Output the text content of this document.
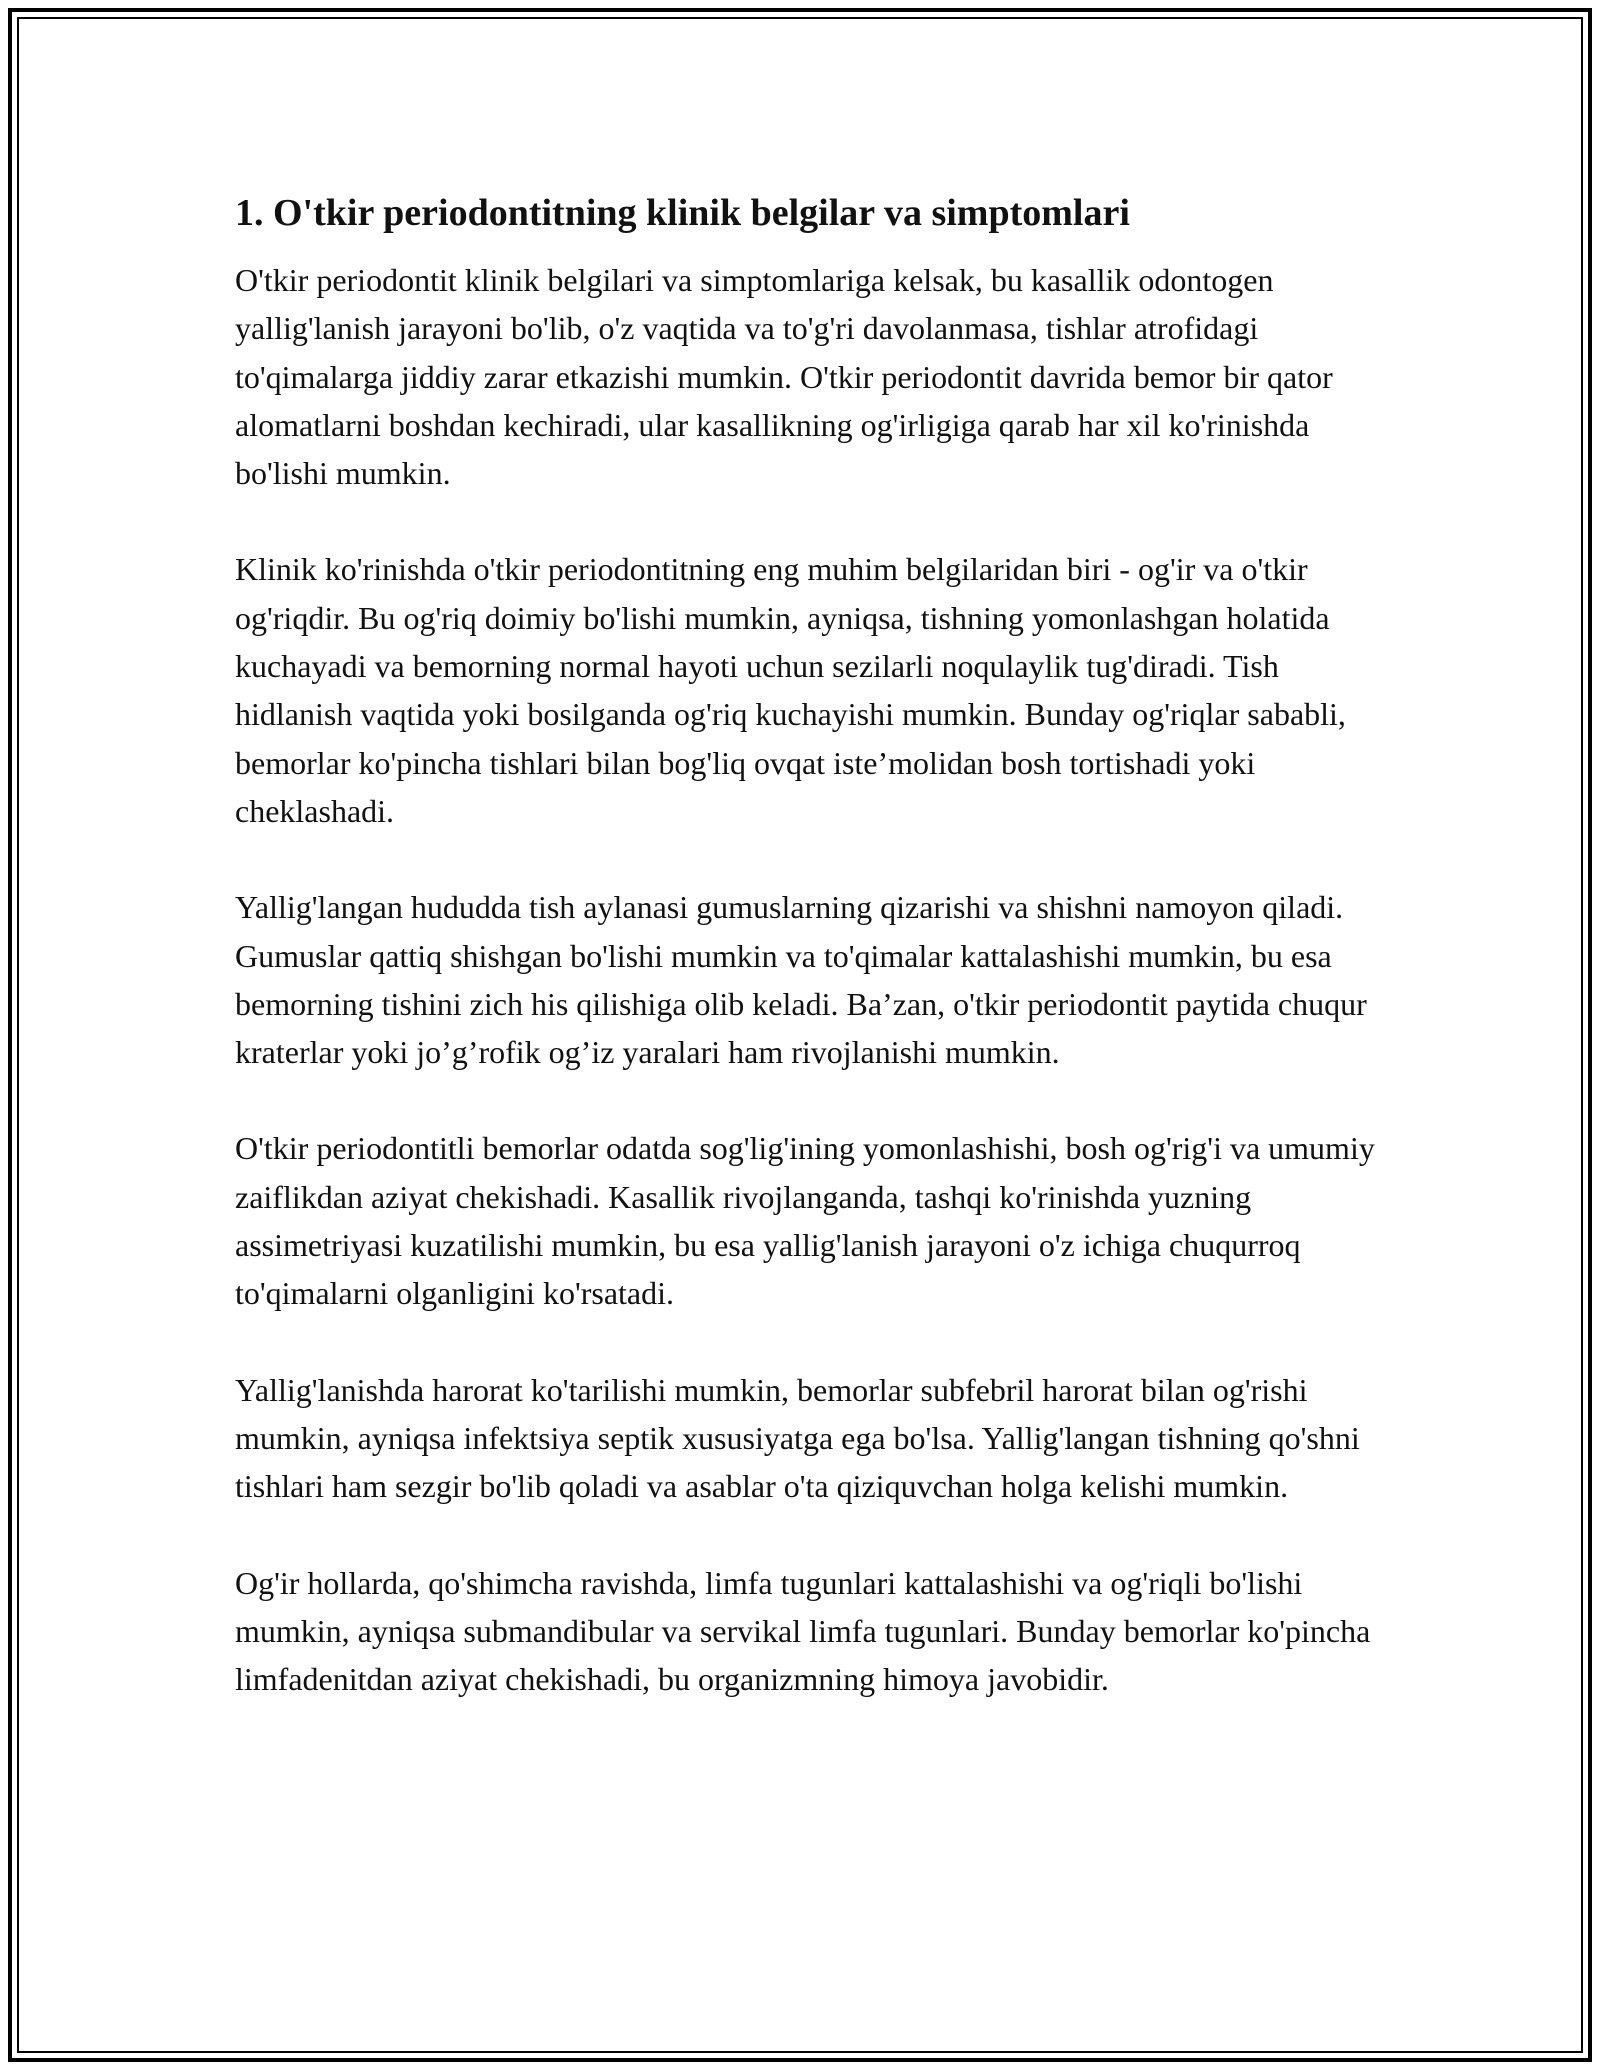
1. O'tkir periodontitning klinik belgilar va simptomlari

O'tkir periodontit klinik belgilari va simptomlariga kelsak, bu kasallik odontogen yallig'lanish jarayoni bo'lib, o'z vaqtida va to'g'ri davolanmasa, tishlar atrofidagi to'qimalarga jiddiy zarar etkazishi mumkin. O'tkir periodontit davrida bemor bir qator alomatlarni boshdan kechiradi, ular kasallikning og'irligiga qarab har xil ko'rinishda bo'lishi mumkin.

Klinik ko'rinishda o'tkir periodontitning eng muhim belgilaridan biri - og'ir va o'tkir og'riqdir. Bu og'riq doimiy bo'lishi mumkin, ayniqsa, tishning yomonlashgan holatida kuchayadi va bemorning normal hayoti uchun sezilarli noqulaylik tug'diradi. Tish hidlanish vaqtida yoki bosilganda og'riq kuchayishi mumkin. Bunday og'riqlar sababli, bemorlar ko'pincha tishlari bilan bog'liq ovqat iste’molidan bosh tortishadi yoki cheklashadi.

Yallig'langan hududda tish aylanasi gumuslarning qizarishi va shishni namoyon qiladi. Gumuslar qattiq shishgan bo'lishi mumkin va to'qimalar kattalashishi mumkin, bu esa bemorning tishini zich his qilishiga olib keladi. Ba’zan, o'tkir periodontit paytida chuqur kraterlar yoki jo’g’rofik og’iz yaralari ham rivojlanishi mumkin.

O'tkir periodontitli bemorlar odatda sog'lig'ining yomonlashishi, bosh og'rig'i va umumiy zaiflikdan aziyat chekishadi. Kasallik rivojlanganda, tashqi ko'rinishda yuzning assimetriyasi kuzatilishi mumkin, bu esa yallig'lanish jarayoni o'z ichiga chuqurroq to'qimalarni olganligini ko'rsatadi.

Yallig'lanishda harorat ko'tarilishi mumkin, bemorlar subfebril harorat bilan og'rishi mumkin, ayniqsa infektsiya septik xususiyatga ega bo'lsa. Yallig'langan tishning qo'shni tishlari ham sezgir bo'lib qoladi va asablar o'ta qiziquvchan holga kelishi mumkin.

Og'ir hollarda, qo'shimcha ravishda, limfa tugunlari kattalashishi va og'riqli bo'lishi mumkin, ayniqsa submandibular va servikal limfa tugunlari. Bunday bemorlar ko'pincha limfadenitdan aziyat chekishadi, bu organizmning himoya javobidir.
